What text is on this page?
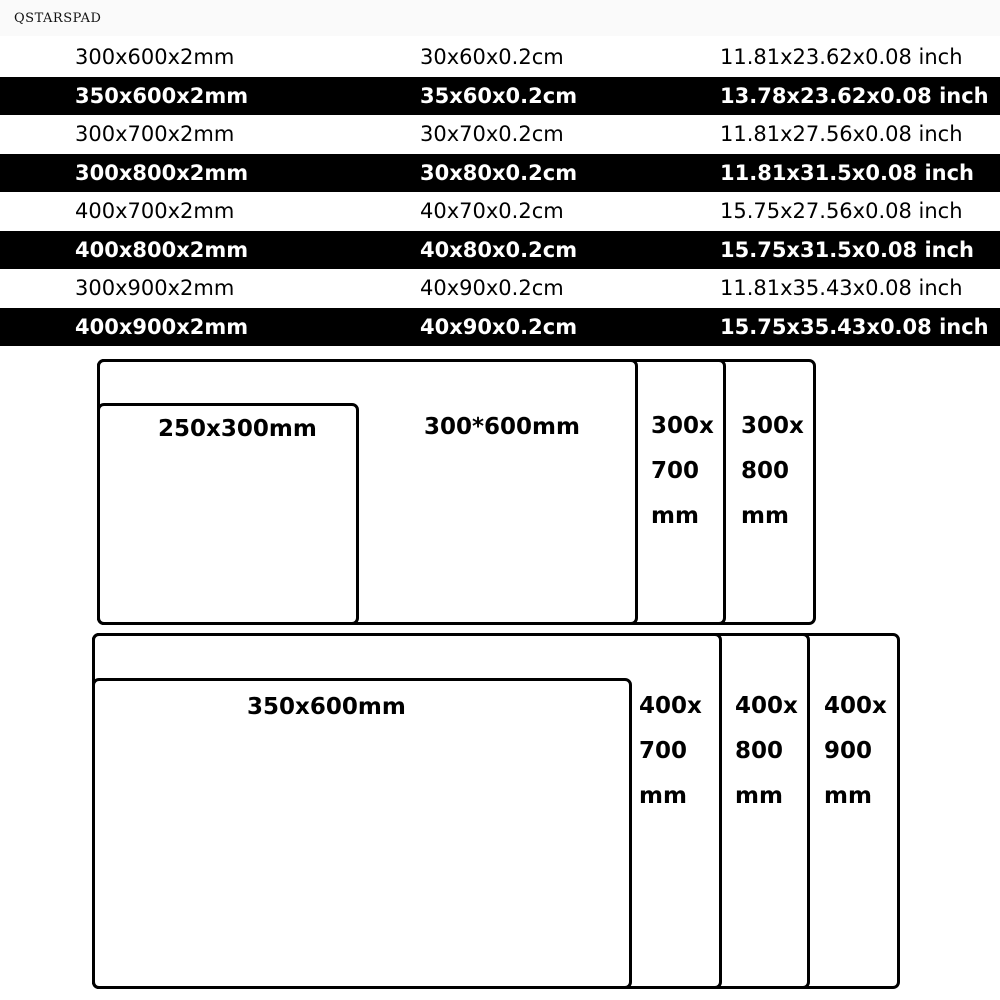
QSTARSPAD
300x600x2mm	30x60x0.2cm	11.81x23.62x0.08 inch
350x600x2mm	35x60x0.2cm	13.78x23.62x0.08 inch
300x700x2mm	30x70x0.2cm	11.81x27.56x0.08 inch
300x800x2mm	30x80x0.2cm	11.81x31.5x0.08 inch
400x700x2mm	40x70x0.2cm	15.75x27.56x0.08 inch
400x800x2mm	40x80x0.2cm	15.75x31.5x0.08 inch
300x900x2mm	40x90x0.2cm	11.81x35.43x0.08 inch
400x900x2mm	40x90x0.2cm	15.75x35.43x0.08 inch
250x300mm	300*600mm	300x
700
mm
300x
800
mm
350x600mm	400x
700
mm
400x
800
mm
400x
900
mm
